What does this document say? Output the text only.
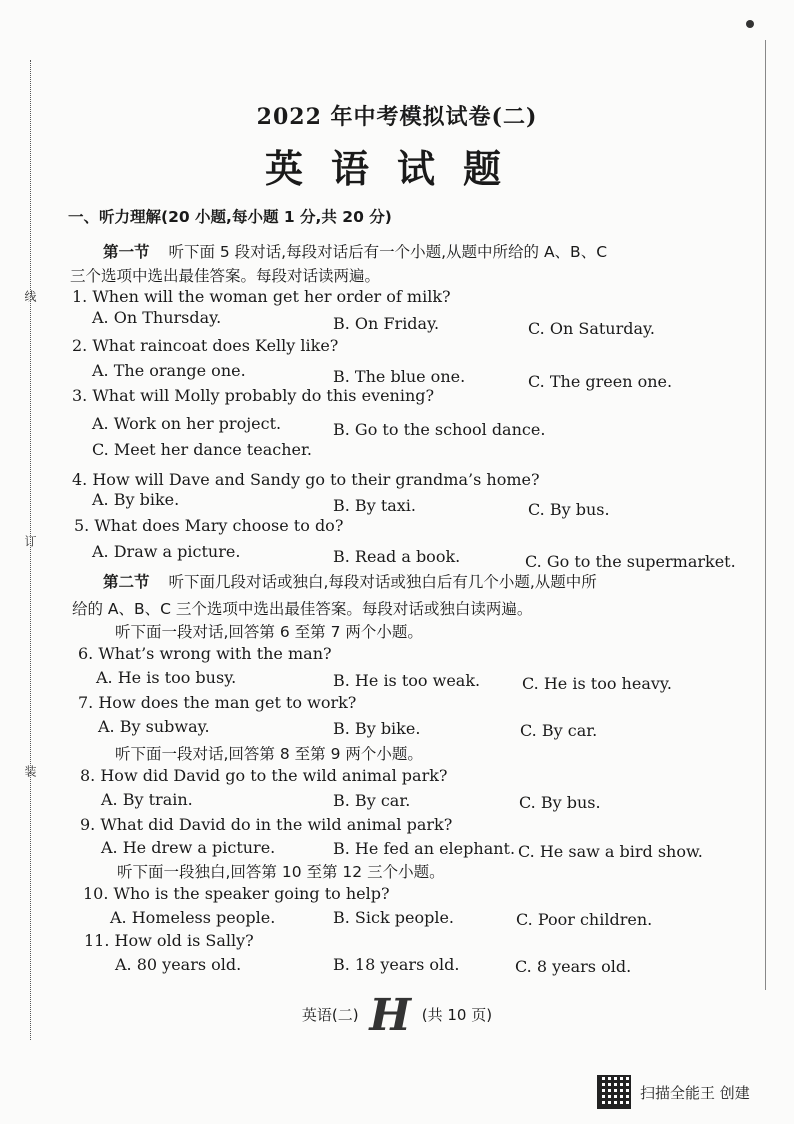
线
订
装
2022 年中考模拟试卷(二)
英语试题
一、听力理解(20 小题,每小题 1 分,共 20 分)
第一节 听下面 5 段对话,每段对话后有一个小题,从题中所给的 A、B、C
三个选项中选出最佳答案。每段对话读两遍。
1. When will the woman get her order of milk?
A. On Thursday.	B. On Friday.	C. On Saturday.
2. What raincoat does Kelly like?
A. The orange one.	B. The blue one.	C. The green one.
3. What will Molly probably do this evening?
A. Work on her project.	B. Go to the school dance.
C. Meet her dance teacher.
4. How will Dave and Sandy go to their grandma’s home?
A. By bike.	B. By taxi.	C. By bus.
5. What does Mary choose to do?
A. Draw a picture.	B. Read a book.	C. Go to the supermarket.
第二节 听下面几段对话或独白,每段对话或独白后有几个小题,从题中所
给的 A、B、C 三个选项中选出最佳答案。每段对话或独白读两遍。
听下面一段对话,回答第 6 至第 7 两个小题。
6. What’s wrong with the man?
A. He is too busy.	B. He is too weak.	C. He is too heavy.
7. How does the man get to work?
A. By subway.	B. By bike.	C. By car.
听下面一段对话,回答第 8 至第 9 两个小题。
8. How did David go to the wild animal park?
A. By train.	B. By car.	C. By bus.
9. What did David do in the wild animal park?
A. He drew a picture.	B. He fed an elephant. C. He saw a bird show.
听下面一段独白,回答第 10 至第 12 三个小题。
10. Who is the speaker going to help?
A. Homeless people.	B. Sick people.	C. Poor children.
11. How old is Sally?
A. 80 years old.	B. 18 years old.	C. 8 years old.
英语(二) H (共 10 页)
扫描全能王 创建
